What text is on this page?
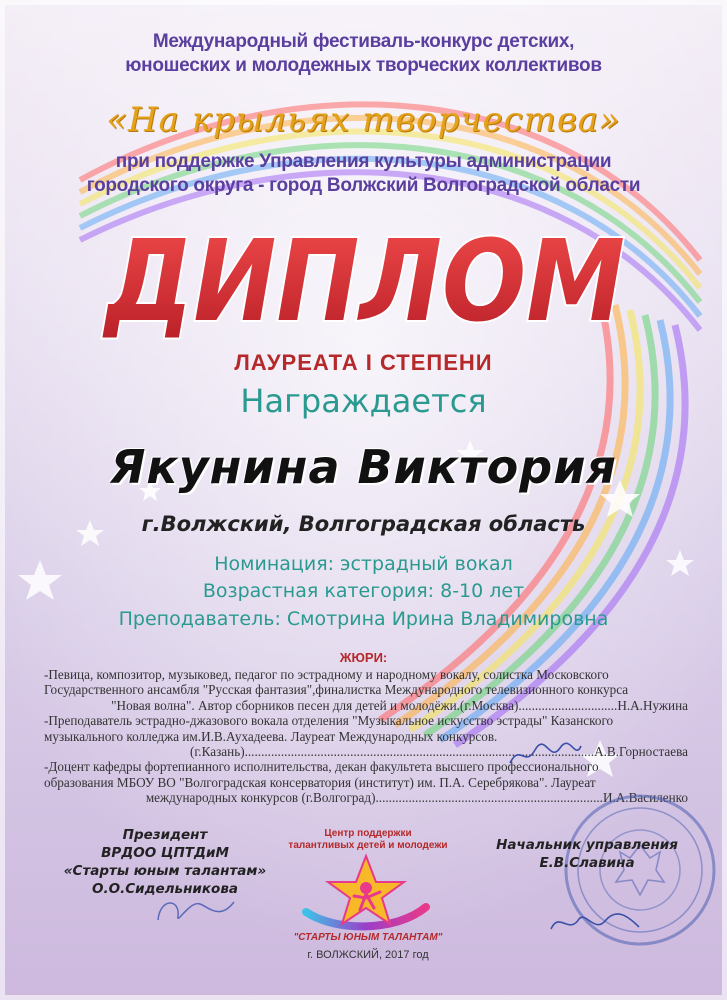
Международный фестиваль-конкурс детских,
юношеских и молодежных творческих коллективов
«На крыльях творчества»
при поддержке Управления культуры администрации
городского округа - город Волжский Волгоградской области
ДИПЛОМ
ЛАУРЕАТА I СТЕПЕНИ
Награждается
Якунина Виктория
г.Волжский, Волгоградская область
Номинация: эстрадный вокал
Возрастная категория: 8-10 лет
Преподаватель: Смотрина Ирина Владимировна
ЖЮРИ:

-Певица, композитор, музыковед, педагог по эстрадному и народному вокалу, солистка Московского

Государственного ансамбля "Русская фантазия",финалистка Международного телевизионного конкурса

"Новая волна". Автор сборников песен для детей и молодёжи.(г.Москва)..............................Н.А.Нужина

-Преподаватель эстрадно-джазового вокала отделения "Музыкальное искусство эстрады" Казанского

музыкального колледжа им.И.В.Аухадеева. Лауреат Международных конкурсов.

(г.Казань)..........................................................................................................А.В.Горностаева

-Доцент кафедры фортепианного исполнительства, декан факультета высшего профессионального

образования МБОУ ВО "Волгоградская консерватория (институт) им. П.А. Серебрякова". Лауреат

международных конкурсов (г.Волгоград).....................................................................И.А.Василенко

Президент
ВРДОО ЦПТДиМ
«Старты юным талантам»
О.О.Сидельникова
Центр поддержки
талантливых детей и молодежи
"СТАРТЫ ЮНЫМ ТАЛАНТАМ"
г. ВОЛЖСКИЙ, 2017 год
Начальник управления
Е.В.Славина
